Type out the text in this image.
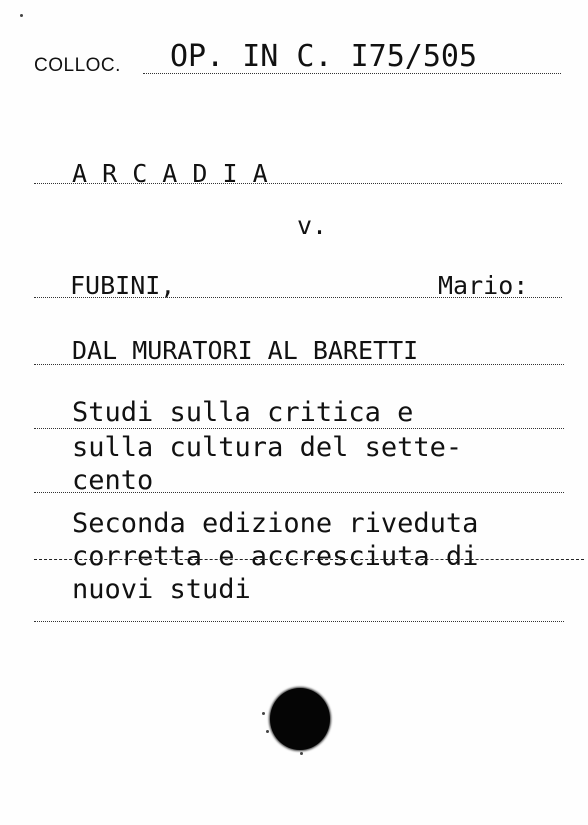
COLLOC. OP. IN C. I75/505
A R C A D I A
v.
FUBINI,	Mario:
DAL MURATORI AL BARETTI
Studi sulla critica e
sulla cultura del sette-
cento
Seconda edizione riveduta
corretta e accresciuta di
nuovi studi
